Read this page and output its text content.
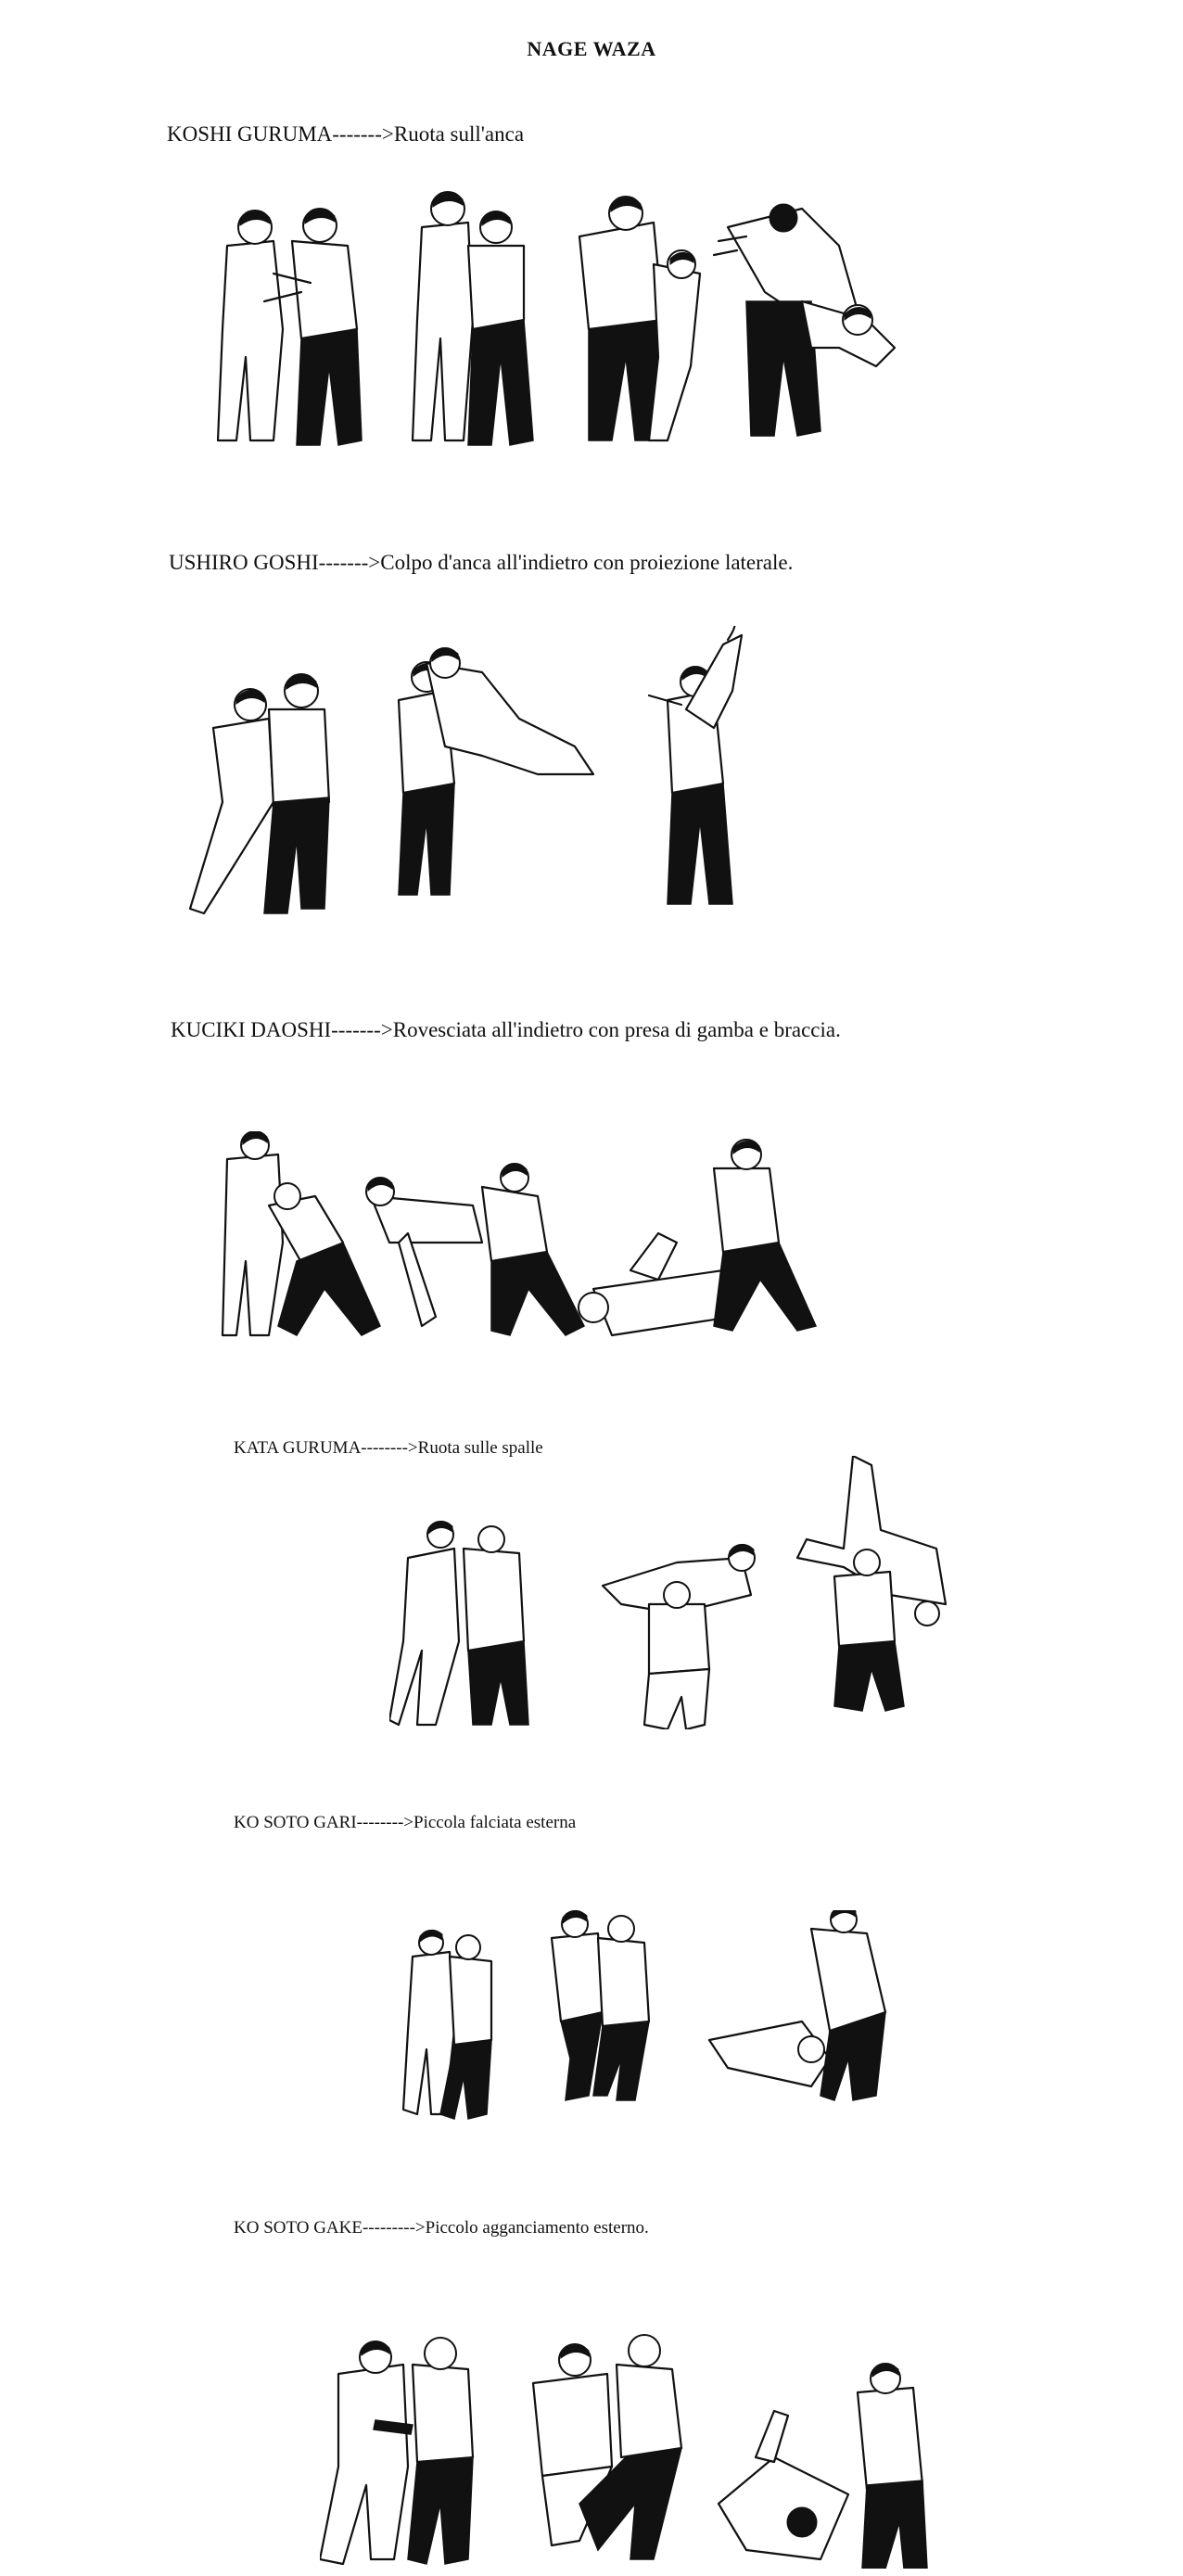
NAGE WAZA
KOSHI GURUMA------->Ruota sull'anca
USHIRO GOSHI------->Colpo d'anca all'indietro con proiezione laterale.
KUCIKI DAOSHI------->Rovesciata all'indietro con presa di gamba e braccia.
KATA GURUMA-------->Ruota sulle spalle
KO SOTO GARI-------->Piccola falciata esterna
KO SOTO GAKE--------->Piccolo agganciamento esterno.
